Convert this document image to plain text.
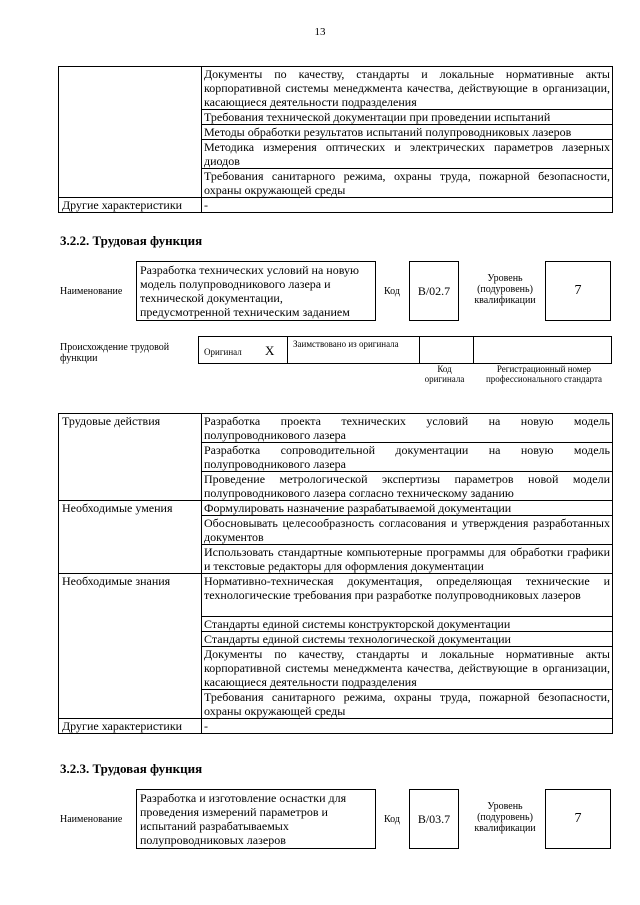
13
	Документы по качеству, стандарты и локальные нормативные акты корпоративной системы менеджмента качества, действующие в организации, касающиеся деятельности подразделения
	Требования технической документации при проведении испытаний
	Методы обработки результатов испытаний полупроводниковых лазеров
	Методика измерения оптических и электрических параметров лазерных диодов
	Требования санитарного режима, охраны труда, пожарной безопасности, охраны окружающей среды
Другие характеристики	-
3.2.2. Трудовая функция
Наименование
Разработка технических условий на новую модель полупроводникового лазера и технической документации, предусмотренной техническим заданием
Код	В/02.7
Уровень (подуровень) квалификации
7
Происхождение трудовой функции
Оригинал X Заимствовано из оригинала
Код оригинала
Регистрационный номер профессионального стандарта
Трудовые действия	Разработка проекта технических условий на новую модель полупроводникового лазера
	Разработка сопроводительной документации на новую модель полупроводникового лазера
	Проведение метрологической экспертизы параметров новой модели полупроводникового лазера согласно техническому заданию
Необходимые умения	Формулировать назначение разрабатываемой документации
	Обосновывать целесообразность согласования и утверждения разработанных документов
	Использовать стандартные компьютерные программы для обработки графики и текстовые редакторы для оформления документации
Необходимые знания	Нормативно-техническая документация, определяющая технические и технологические требования при разработке полупроводниковых лазеров
	Стандарты единой системы конструкторской документации
	Стандарты единой системы технологической документации
	Документы по качеству, стандарты и локальные нормативные акты корпоративной системы менеджмента качества, действующие в организации, касающиеся деятельности подразделения
	Требования санитарного режима, охраны труда, пожарной безопасности, охраны окружающей среды
Другие характеристики	-
3.2.3. Трудовая функция
Наименование
Разработка и изготовление оснастки для проведения измерений параметров и испытаний разрабатываемых полупроводниковых лазеров
Код	В/03.7
Уровень (подуровень) квалификации
7
